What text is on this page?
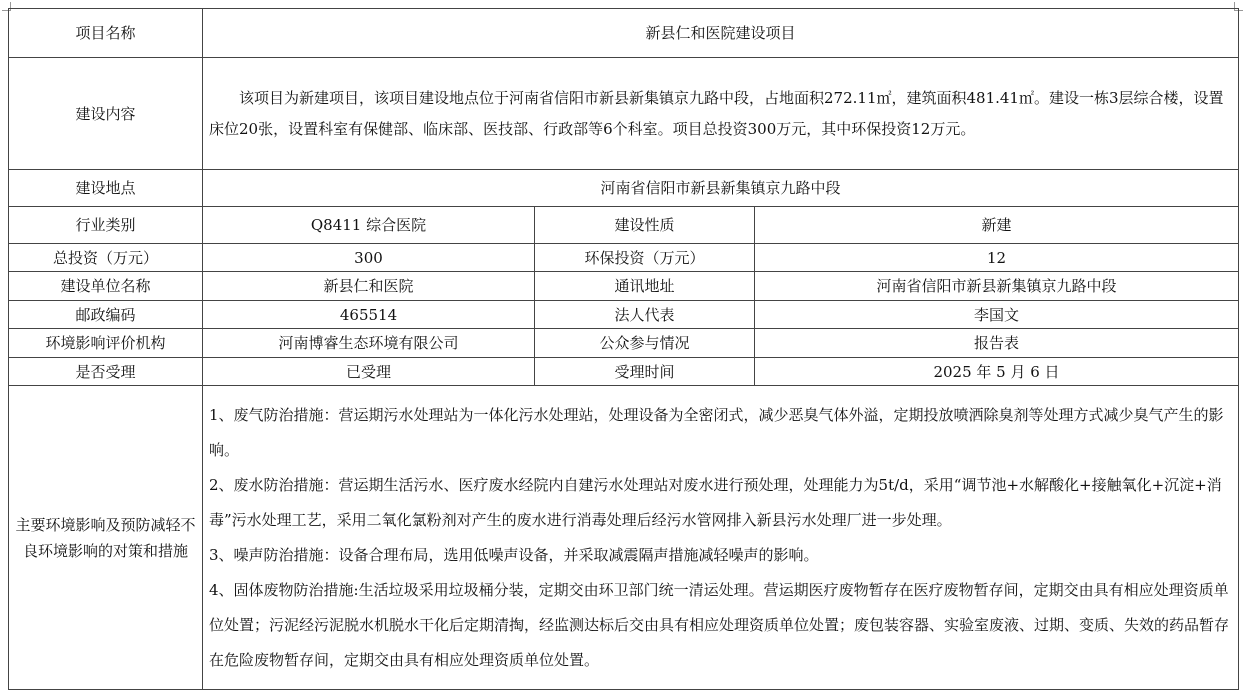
项目名称	新县仁和医院建设项目		
建设内容	该项目为新建项目，该项目建设地点位于河南省信阳市新县新集镇京九路中段，占地面积272.11㎡，建筑面积481.41㎡。建设一栋3层综合楼，设置床位20张，设置科室有保健部、临床部、医技部、行政部等6个科室。项目总投资300万元，其中环保投资12万元。		

建设地点	河南省信阳市新县新集镇京九路中段		
行业类别	Q8411 综合医院	建设性质	新建
总投资（万元）	300	环保投资（万元）	12
建设单位名称	新县仁和医院	通讯地址	河南省信阳市新县新集镇京九路中段
邮政编码	465514	法人代表	李国文
环境影响评价机构	河南博睿生态环境有限公司	公众参与情况	报告表
是否受理	已受理	受理时间	2025 年 5 月 6 日
主要环境影响及预防减轻不良环境影响的对策和措施	1、废气防治措施：营运期污水处理站为一体化污水处理站，处理设备为全密闭式，减少恶臭气体外溢，定期投放喷洒除臭剂等处理方式减少臭气产生的影响。

2、废水防治措施：营运期生活污水、医疗废水经院内自建污水处理站对废水进行预处理，处理能力为5t/d，采用“调节池+水解酸化+接触氧化+沉淀+消毒”污水处理工艺，采用二氧化氯粉剂对产生的废水进行消毒处理后经污水管网排入新县污水处理厂进一步处理。

3、噪声防治措施：设备合理布局，选用低噪声设备，并采取减震隔声措施减轻噪声的影响。

4、固体废物防治措施:生活垃圾采用垃圾桶分装，定期交由环卫部门统一清运处理。营运期医疗废物暂存在医疗废物暂存间，定期交由具有相应处理资质单位处置；污泥经污泥脱水机脱水干化后定期清掏，经监测达标后交由具有相应处理资质单位处置；废包装容器、实验室废液、过期、变质、失效的药品暂存在危险废物暂存间，定期交由具有相应处理资质单位处置。		
